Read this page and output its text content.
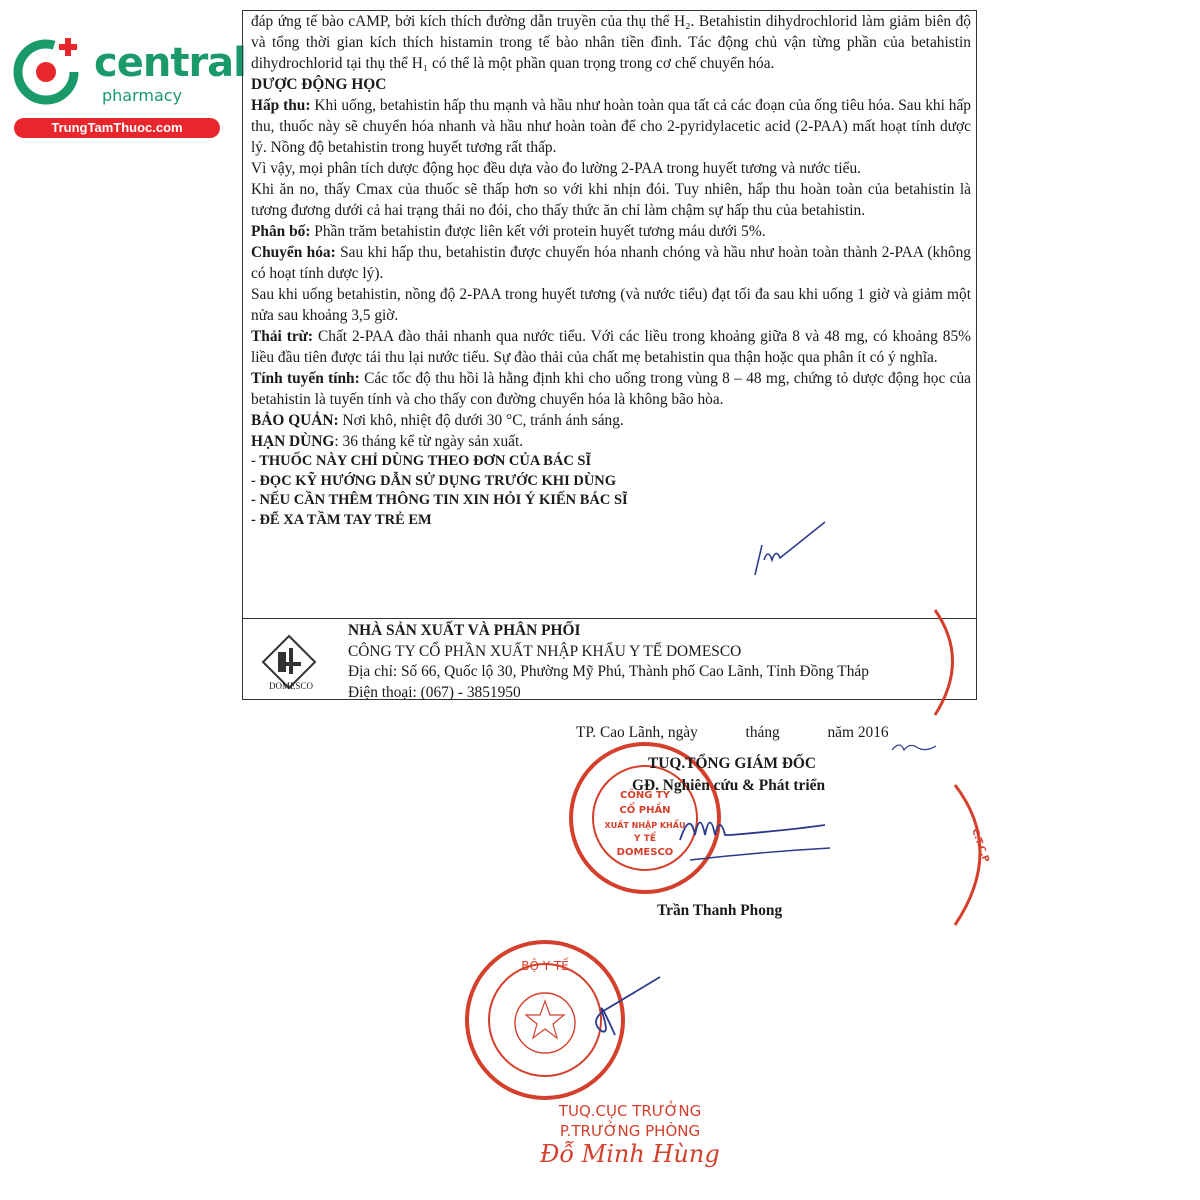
central
pharmacy
TrungTamThuoc.com

đáp ứng tế bào cAMP, bởi kích thích đường dẫn truyền của thụ thể H₂. Betahistin dihydrochlorid làm giảm biên độ và tổng thời gian kích thích histamin trong tế bào nhân tiền đình. Tác động chủ vận từng phần của betahistin dihydrochlorid tại thụ thể H₁ có thể là một phần quan trọng trong cơ chế chuyển hóa.

DƯỢC ĐỘNG HỌC

Hấp thu: Khi uống, betahistin hấp thu mạnh và hầu như hoàn toàn qua tất cả các đoạn của ống tiêu hóa. Sau khi hấp thu, thuốc này sẽ chuyển hóa nhanh và hầu như hoàn toàn để cho 2-pyridylacetic acid (2-PAA) mất hoạt tính dược lý. Nồng độ betahistin trong huyết tương rất thấp.

Vì vậy, mọi phân tích dược động học đều dựa vào đo lường 2-PAA trong huyết tương và nước tiểu.

Khi ăn no, thấy Cmax của thuốc sẽ thấp hơn so với khi nhịn đói. Tuy nhiên, hấp thu hoàn toàn của betahistin là tương đương dưới cả hai trạng thái no đói, cho thấy thức ăn chỉ làm chậm sự hấp thu của betahistin.

Phân bố: Phần trăm betahistin được liên kết với protein huyết tương máu dưới 5%.

Chuyển hóa: Sau khi hấp thu, betahistin được chuyển hóa nhanh chóng và hầu như hoàn toàn thành 2-PAA (không có hoạt tính dược lý).

Sau khi uống betahistin, nồng độ 2-PAA trong huyết tương (và nước tiểu) đạt tối đa sau khi uống 1 giờ và giảm một nửa sau khoảng 3,5 giờ.

Thải trừ: Chất 2-PAA đào thải nhanh qua nước tiểu. Với các liều trong khoảng giữa 8 và 48 mg, có khoảng 85% liều đầu tiên được tái thu lại nước tiểu. Sự đào thải của chất mẹ betahistin qua thận hoặc qua phân ít có ý nghĩa.

Tính tuyến tính: Các tốc độ thu hồi là hằng định khi cho uống trong vùng 8 – 48 mg, chứng tỏ dược động học của betahistin là tuyến tính và cho thấy con đường chuyển hóa là không bão hòa.

BẢO QUẢN: Nơi khô, nhiệt độ dưới 30 °C, tránh ánh sáng.

HẠN DÙNG: 36 tháng kể từ ngày sản xuất.

- THUỐC NÀY CHỈ DÙNG THEO ĐƠN CỦA BÁC SĨ

- ĐỌC KỸ HƯỚNG DẪN SỬ DỤNG TRƯỚC KHI DÙNG

- NẾU CẦN THÊM THÔNG TIN XIN HỎI Ý KIẾN BÁC SĨ

- ĐỂ XA TẦM TAY TRẺ EM

DOMESCO

NHÀ SẢN XUẤT VÀ PHÂN PHỐI

CÔNG TY CỔ PHẦN XUẤT NHẬP KHẨU Y TẾ DOMESCO

Địa chỉ: Số 66, Quốc lộ 30, Phường Mỹ Phú, Thành phố Cao Lãnh, Tỉnh Đồng Tháp

Điện thoại: (067) - 3851950

TP. Cao Lãnh, ngày	tháng	năm 2016
CÔNG TY
CỔ PHẦN
XUẤT NHẬP KHẨU
Y TẾ
DOMESCO
TUQ.TỔNG GIÁM ĐỐC
GĐ. Nghiên cứu & Phát triển
C.T.C.P
Trần Thanh Phong
BỘ Y TẾ
TUQ.CỤC TRƯỞNG
P.TRƯỞNG PHÒNG
Đỗ Minh Hùng
